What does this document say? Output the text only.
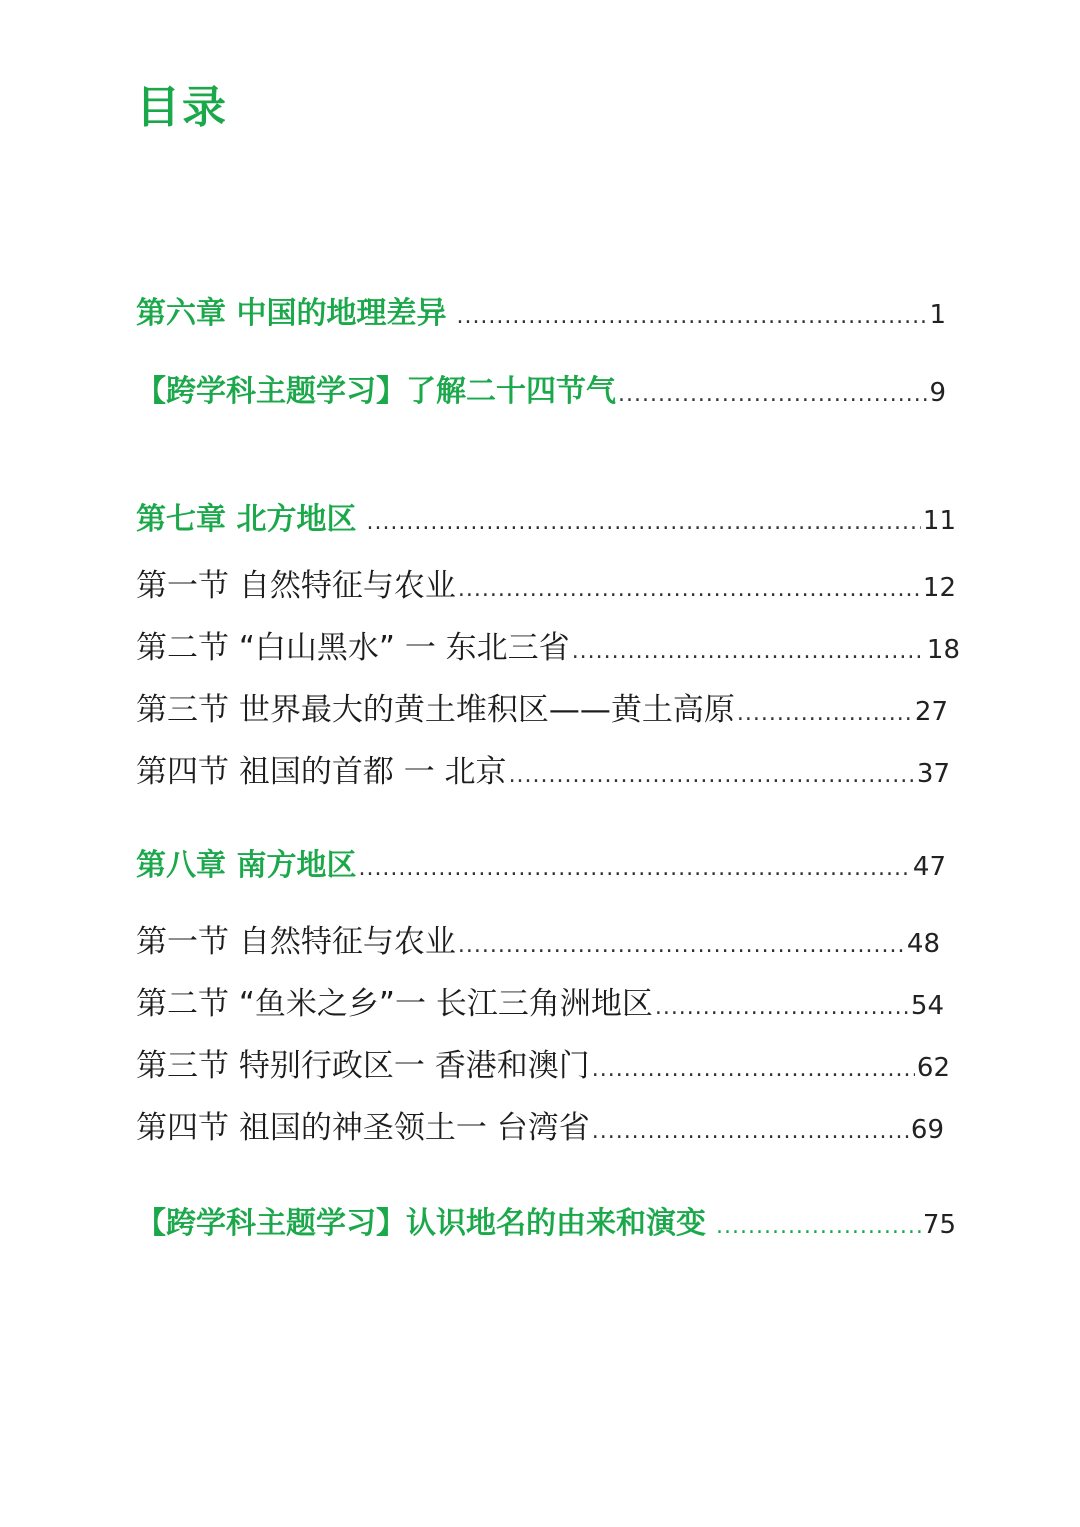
目录
第六章 中国的地理差异 .....	1
【跨学科主题学习】了解二十四节气 .....	9
第七章 北方地区 .....	11
第一节 自然特征与农业 .....	12
第二节 “白山黑水” 一 东北三省 .....	18
第三节 世界最大的黄土堆积区——黄土高原 .....	27
第四节 祖国的首都 一 北京 .....	37
第八章 南方地区 .....	47
第一节 自然特征与农业 .....	48
第二节 “鱼米之乡”一 长江三角洲地区 .....	54
第三节 特别行政区一 香港和澳门 .....	62
第四节 祖国的神圣领土一 台湾省 .....	69
【跨学科主题学习】认识地名的由来和演变 .....	75
